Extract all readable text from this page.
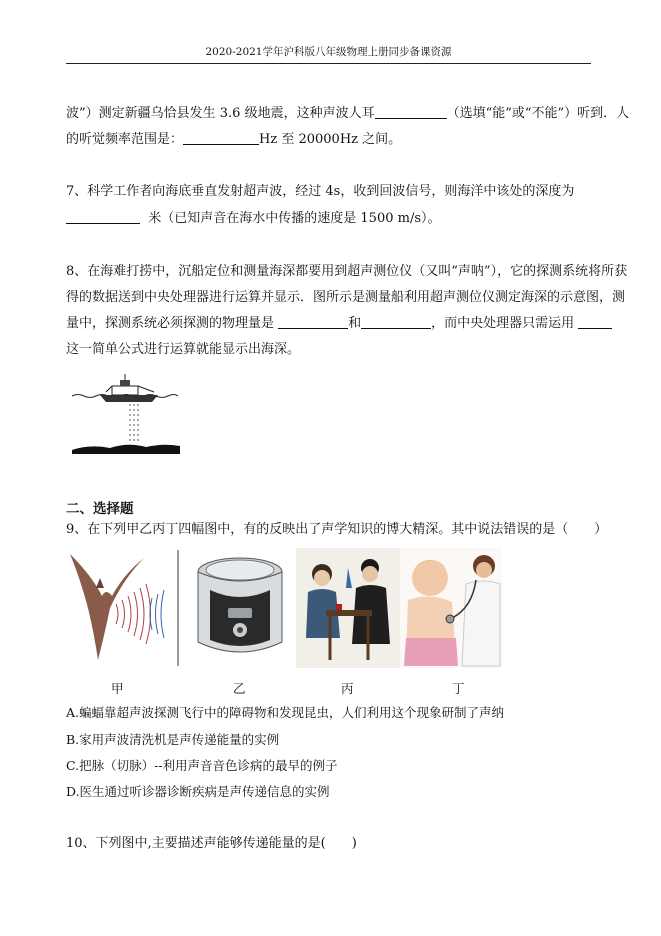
2020-2021学年沪科版八年级物理上册同步备课资源
波”）测定新疆乌恰县发生 3.6 级地震，这种声波人耳	（选填“能”或“不能”）听到．人
的听觉频率范围是：	Hz 至 20000Hz 之间。
7、科学工作者向海底垂直发射超声波，经过 4s，收到回波信号，则海洋中该处的深度为
米（已知声音在海水中传播的速度是 1500 m/s）。
8、在海难打捞中，沉船定位和测量海深都要用到超声测位仪（又叫“声呐”），它的探测系统将所获
得的数据送到中央处理器进行运算并显示．图所示是测量船利用超声测位仪测定海深的示意图，测
量中，探测系统必须探测的物理量是	和	，而中央处理器只需运用
这一简单公式进行运算就能显示出海深。
二、选择题
9、在下列甲乙丙丁四幅图中，有的反映出了声学知识的博大精深。其中说法错误的是（　　）
甲	乙	丙	丁
A.蝙蝠靠超声波探测飞行中的障碍物和发现昆虫，人们利用这个现象研制了声纳
B.家用声波清洗机是声传递能量的实例
C.把脉（切脉）--利用声音音色诊病的最早的例子
D.医生通过听诊器诊断疾病是声传递信息的实例
10、下列图中,主要描述声能够传递能量的是(　　)
